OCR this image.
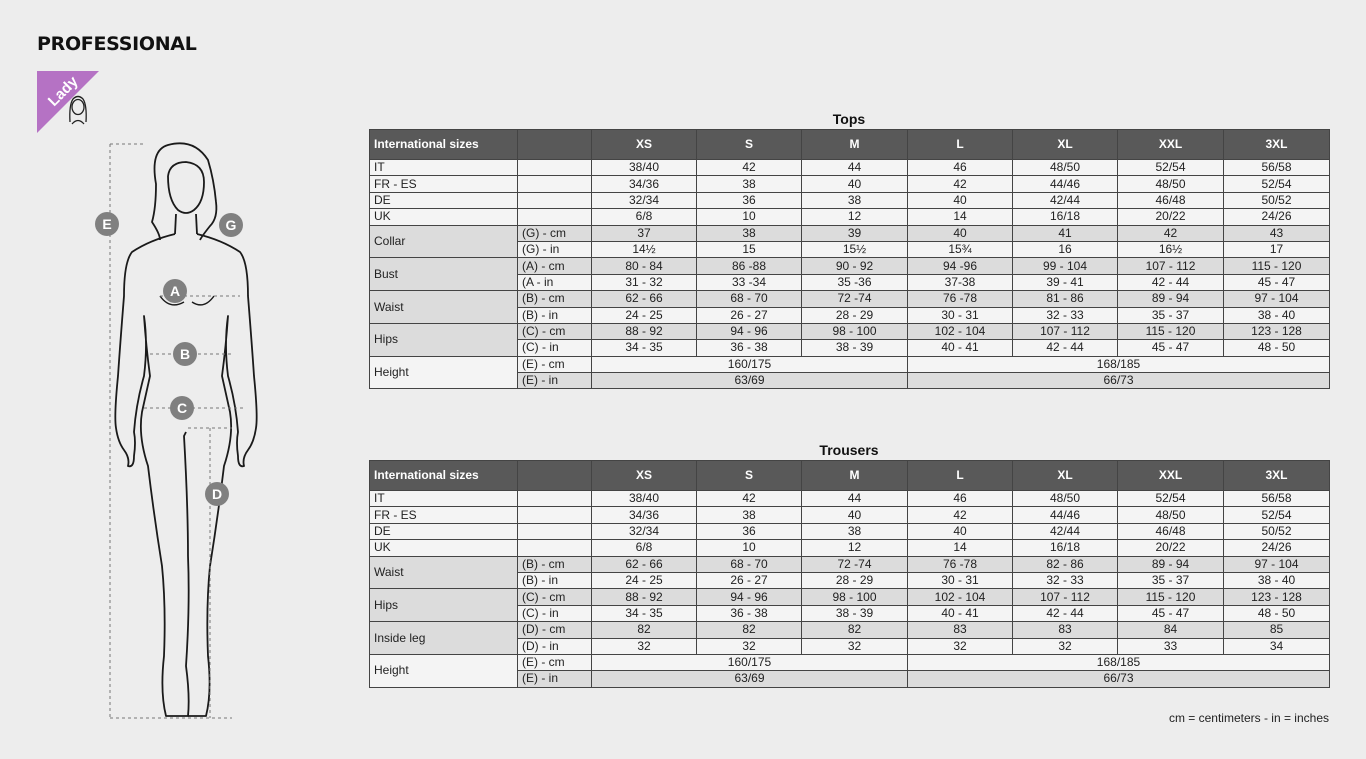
PROFESSIONAL
Lady
E	G
A
B
C
D
Tops
International sizes		XS	S	M	L	XL	XXL	3XL
IT		38/40	42	44	46	48/50	52/54	56/58
FR - ES		34/36	38	40	42	44/46	48/50	52/54
DE		32/34	36	38	40	42/44	46/48	50/52
UK		6/8	10	12	14	16/18	20/22	24/26
Collar	(G) - cm	37	38	39	40	41	42	43
	(G) - in	14½	15	15½	15¾	16	16½	17
Bust	(A) - cm	80 - 84	86 -88	90 - 92	94 -96	99 - 104	107 - 112	115 - 120
	(A - in	31 - 32	33 -34	35 -36	37-38	39 - 41	42 - 44	45 - 47
Waist	(B) - cm	62 - 66	68 - 70	72 -74	76 -78	81 - 86	89 - 94	97 - 104
	(B) - in	24 - 25	26 - 27	28 - 29	30 - 31	32 - 33	35 - 37	38 - 40
Hips	(C) - cm	88 - 92	94 - 96	98 - 100	102 - 104	107 - 112	115 - 120	123 - 128
	(C) - in	34 - 35	36 - 38	38 - 39	40 - 41	42 - 44	45 - 47	48 - 50
Height	(E) - cm	160/175			168/185			
	(E) - in	63/69			66/73			
Trousers
International sizes		XS	S	M	L	XL	XXL	3XL
IT		38/40	42	44	46	48/50	52/54	56/58
FR - ES		34/36	38	40	42	44/46	48/50	52/54
DE		32/34	36	38	40	42/44	46/48	50/52
UK		6/8	10	12	14	16/18	20/22	24/26
Waist	(B) - cm	62 - 66	68 - 70	72 -74	76 -78	82 - 86	89 - 94	97 - 104
	(B) - in	24 - 25	26 - 27	28 - 29	30 - 31	32 - 33	35 - 37	38 - 40
Hips	(C) - cm	88 - 92	94 - 96	98 - 100	102 - 104	107 - 112	115 - 120	123 - 128
	(C) - in	34 - 35	36 - 38	38 - 39	40 - 41	42 - 44	45 - 47	48 - 50
Inside leg	(D) - cm	82	82	82	83	83	84	85
	(D) - in	32	32	32	32	32	33	34
Height	(E) - cm	160/175			168/185			
	(E) - in	63/69			66/73			
cm = centimeters - in = inches
